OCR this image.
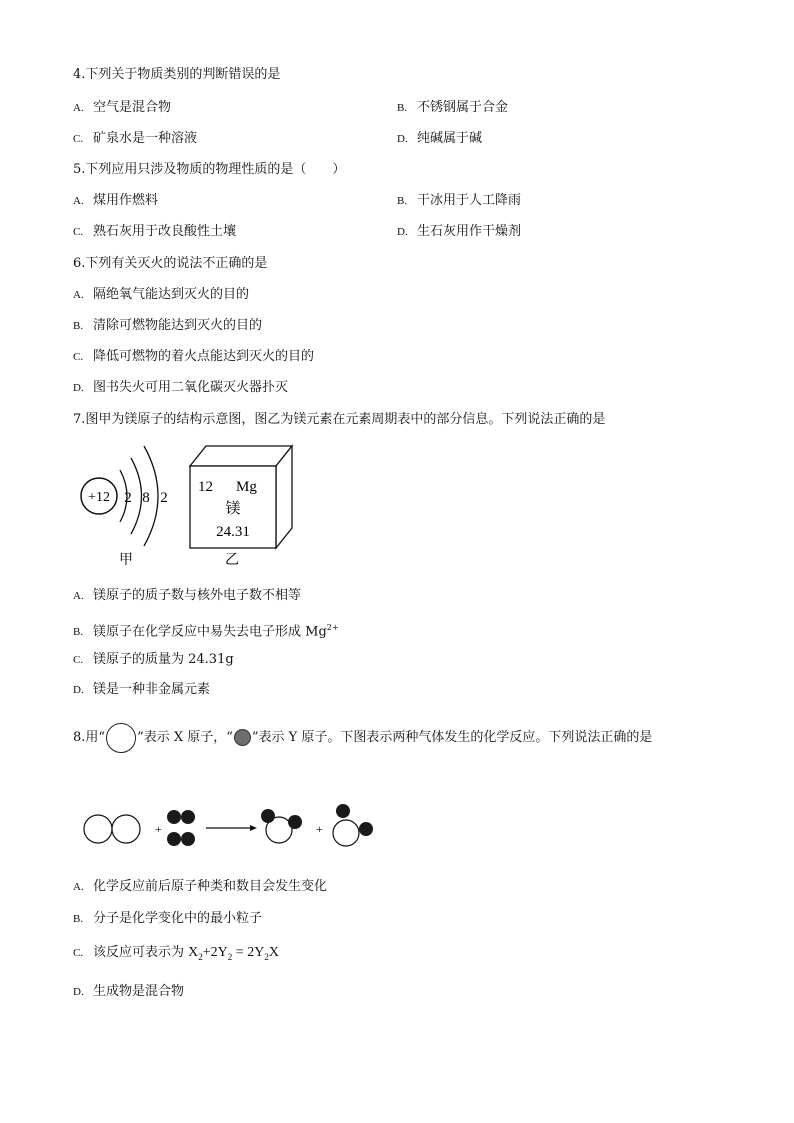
4.下列关于物质类别的判断错误的是
A. 空气是混合物	B. 不锈钢属于合金
C. 矿泉水是一种溶液	D. 纯碱属于碱
5.下列应用只涉及物质的物理性质的是（　　）
A. 煤用作燃料	B. 干冰用于人工降雨
C. 熟石灰用于改良酸性土壤	D. 生石灰用作干燥剂
6.下列有关灭火的说法不正确的是
A. 隔绝氧气能达到灭火的目的
B. 清除可燃物能达到灭火的目的
C. 降低可燃物的着火点能达到灭火的目的
D. 图书失火可用二氧化碳灭火器扑灭
7.图甲为镁原子的结构示意图，图乙为镁元素在元素周期表中的部分信息。下列说法正确的是
+12 2 8 2
甲
12 Mg
镁
24.31
乙
A. 镁原子的质子数与核外电子数不相等
B. 镁原子在化学反应中易失去电子形成 $Mg^{2+}$
C. 镁原子的质量为 24.31g
D. 镁是一种非金属元素
8.用“ ”表示 X 原子，“ ”表示 Y 原子。下图表示两种气体发生的化学反应。下列说法正确的是
+	+
A. 化学反应前后原子种类和数目会发生变化
B. 分子是化学变化中的最小粒子
C. 该反应可表示为 $X_2+2Y_2 = 2Y_2X$
D. 生成物是混合物
